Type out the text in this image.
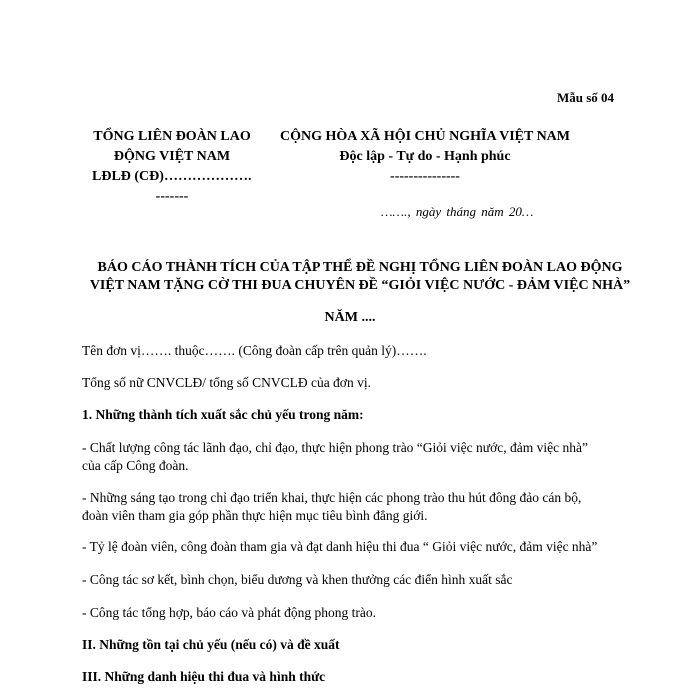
Mẫu số 04
TỔNG LIÊN ĐOÀN LAO
ĐỘNG VIỆT NAM
LĐLĐ (CĐ)……………….
-------
CỘNG HÒA XÃ HỘI CHỦ NGHĨA VIỆT NAM
Độc lập - Tự do - Hạnh phúc
---------------
……., ngày tháng năm 20…
BÁO CÁO THÀNH TÍCH CỦA TẬP THỂ ĐỀ NGHỊ TỔNG LIÊN ĐOÀN LAO ĐỘNG
VIỆT NAM TẶNG CỜ THI ĐUA CHUYÊN ĐỀ “GIỎI VIỆC NƯỚC - ĐẢM VIỆC NHÀ”
NĂM ....
Tên đơn vị……. thuộc……. (Công đoàn cấp trên quản lý)…….
Tổng số nữ CNVCLĐ/ tổng số CNVCLĐ của đơn vị.
1. Những thành tích xuất sắc chủ yếu trong năm:
- Chất lượng công tác lãnh đạo, chỉ đạo, thực hiện phong trào “Giỏi việc nước, đảm việc nhà”
của cấp Công đoàn.
- Những sáng tạo trong chỉ đạo triển khai, thực hiện các phong trào thu hút đông đảo cán bộ,
đoàn viên tham gia góp phần thực hiện mục tiêu bình đẳng giới.
- Tỷ lệ đoàn viên, công đoàn tham gia và đạt danh hiệu thi đua “ Giỏi việc nước, đảm việc nhà”
- Công tác sơ kết, bình chọn, biểu dương và khen thưởng các điển hình xuất sắc
- Công tác tổng hợp, báo cáo và phát động phong trào.
II. Những tồn tại chủ yếu (nếu có) và đề xuất
III. Những danh hiệu thi đua và hình thức
